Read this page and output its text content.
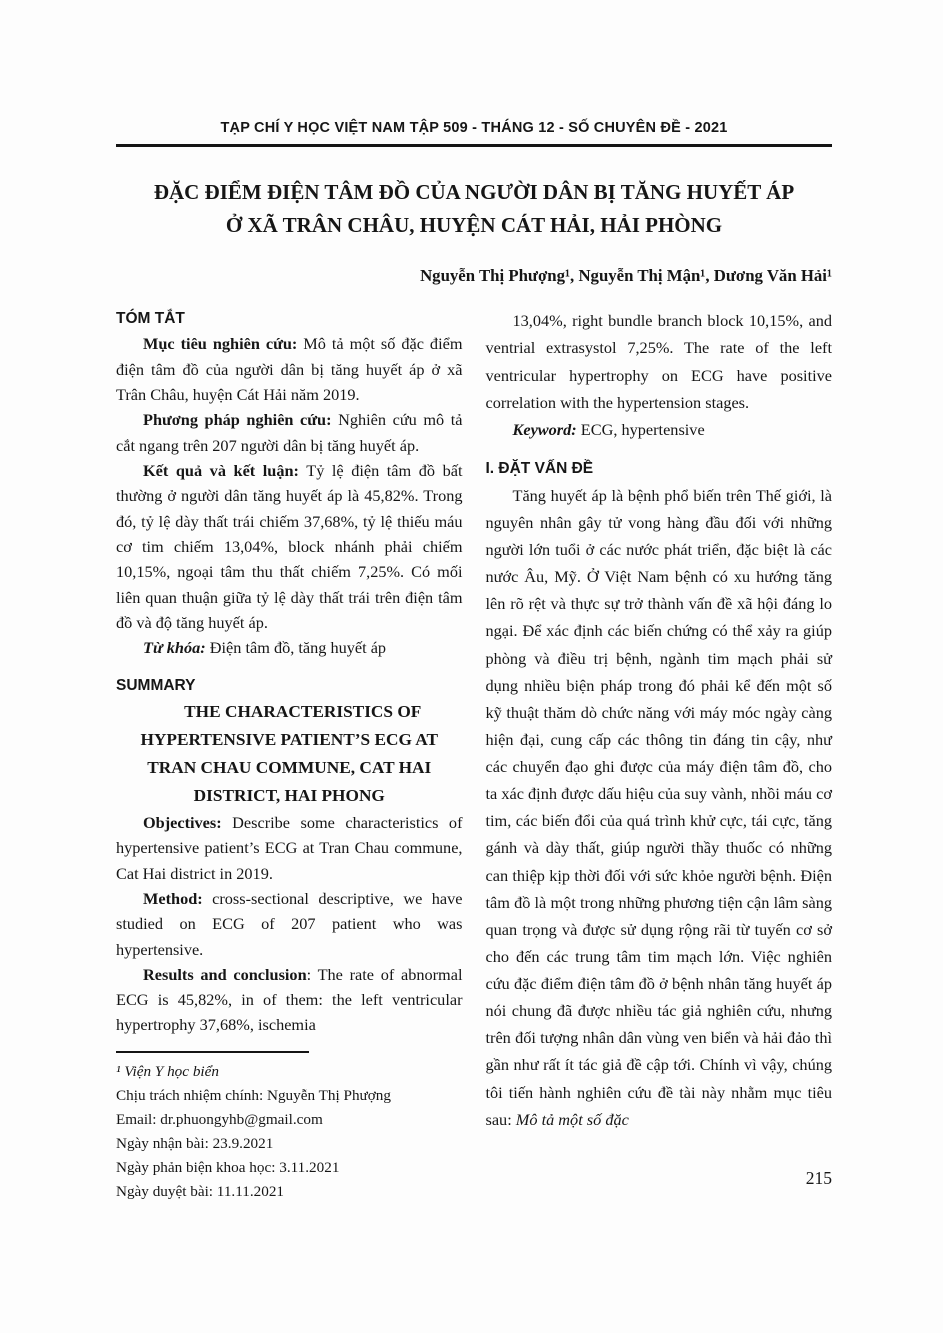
TẠP CHÍ Y HỌC VIỆT NAM TẬP 509 - THÁNG 12 - SỐ CHUYÊN ĐỀ - 2021
ĐẶC ĐIỂM ĐIỆN TÂM ĐỒ CỦA NGƯỜI DÂN BỊ TĂNG HUYẾT ÁP
Ở XÃ TRÂN CHÂU, HUYỆN CÁT HẢI, HẢI PHÒNG
Nguyễn Thị Phượng¹, Nguyễn Thị Mận¹, Dương Văn Hải¹
TÓM TẮT

Mục tiêu nghiên cứu: Mô tả một số đặc điểm điện tâm đồ của người dân bị tăng huyết áp ở xã Trân Châu, huyện Cát Hải năm 2019.

Phương pháp nghiên cứu: Nghiên cứu mô tả cắt ngang trên 207 người dân bị tăng huyết áp.

Kết quả và kết luận: Tỷ lệ điện tâm đồ bất thường ở người dân tăng huyết áp là 45,82%. Trong đó, tỷ lệ dày thất trái chiếm 37,68%, tỷ lệ thiếu máu cơ tim chiếm 13,04%, block nhánh phải chiếm 10,15%, ngoại tâm thu thất chiếm 7,25%. Có mối liên quan thuận giữa tỷ lệ dày thất trái trên điện tâm đồ và độ tăng huyết áp.

Từ khóa: Điện tâm đồ, tăng huyết áp

SUMMARY

THE CHARACTERISTICS OF HYPERTENSIVE PATIENT’S ECG AT TRAN CHAU COMMUNE, CAT HAI DISTRICT, HAI PHONG

Objectives: Describe some characteristics of hypertensive patient’s ECG at Tran Chau commune, Cat Hai district in 2019.

Method: cross-sectional descriptive, we have studied on ECG of 207 patient who was hypertensive.

Results and conclusion: The rate of abnormal ECG is 45,82%, in of them: the left ventricular hypertrophy 37,68%, ischemia

¹ Viện Y học biển
Chịu trách nhiệm chính: Nguyễn Thị Phượng
Email: dr.phuongyhb@gmail.com
Ngày nhận bài: 23.9.2021
Ngày phản biện khoa học: 3.11.2021
Ngày duyệt bài: 11.11.2021

13,04%, right bundle branch block 10,15%, and ventrial extrasystol 7,25%. The rate of the left ventricular hypertrophy on ECG have positive correlation with the hypertension stages.

Keyword: ECG, hypertensive

I. ĐẶT VẤN ĐỀ

Tăng huyết áp là bệnh phổ biến trên Thế giới, là nguyên nhân gây tử vong hàng đầu đối với những người lớn tuổi ở các nước phát triển, đặc biệt là các nước Âu, Mỹ. Ở Việt Nam bệnh có xu hướng tăng lên rõ rệt và thực sự trở thành vấn đề xã hội đáng lo ngại. Để xác định các biến chứng có thể xảy ra giúp phòng và điều trị bệnh, ngành tim mạch phải sử dụng nhiều biện pháp trong đó phải kể đến một số kỹ thuật thăm dò chức năng với máy móc ngày càng hiện đại, cung cấp các thông tin đáng tin cậy, như các chuyển đạo ghi được của máy điện tâm đồ, cho ta xác định được dấu hiệu của suy vành, nhồi máu cơ tim, các biến đổi của quá trình khử cực, tái cực, tăng gánh và dày thất, giúp người thầy thuốc có những can thiệp kịp thời đối với sức khỏe người bệnh. Điện tâm đồ là một trong những phương tiện cận lâm sàng quan trọng và được sử dụng rộng rãi từ tuyến cơ sở cho đến các trung tâm tim mạch lớn. Việc nghiên cứu đặc điểm điện tâm đồ ở bệnh nhân tăng huyết áp nói chung đã được nhiều tác giả nghiên cứu, nhưng trên đối tượng nhân dân vùng ven biển và hải đảo thì gần như rất ít tác giả đề cập tới. Chính vì vậy, chúng tôi tiến hành nghiên cứu đề tài này nhằm mục tiêu sau: Mô tả một số đặc

215
